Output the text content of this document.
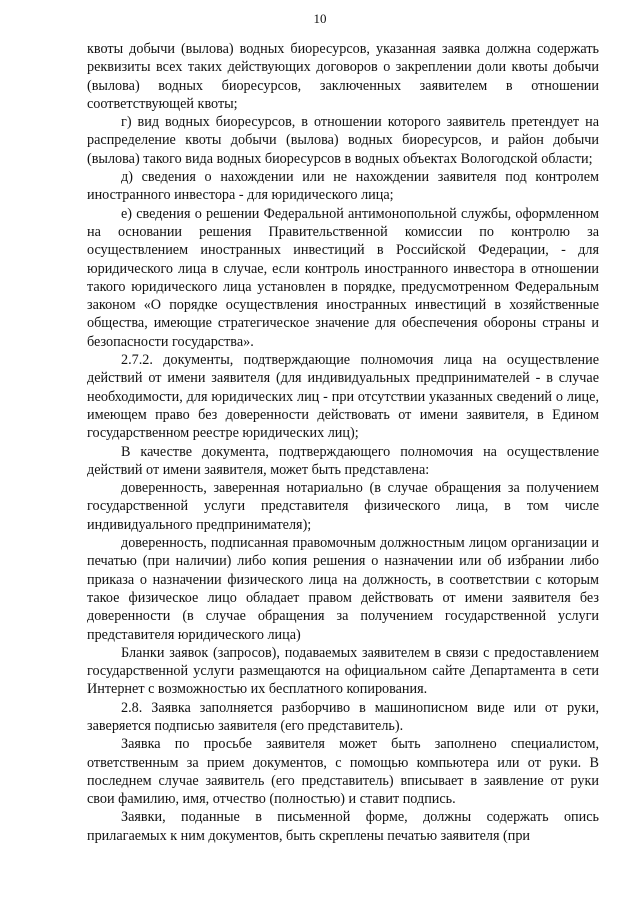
10

квоты добычи (вылова) водных биоресурсов, указанная заявка должна содержать реквизиты всех таких действующих договоров о закреплении доли квоты добычи (вылова) водных биоресурсов, заключенных заявителем в отношении соответствующей квоты;

г) вид водных биоресурсов, в отношении которого заявитель претендует на распределение квоты добычи (вылова) водных биоресурсов, и район добычи (вылова) такого вида водных биоресурсов в водных объектах Вологодской области;

д) сведения о нахождении или не нахождении заявителя под контролем иностранного инвестора - для юридического лица;

е) сведения о решении Федеральной антимонопольной службы, оформленном на основании решения Правительственной комиссии по контролю за осуществлением иностранных инвестиций в Российской Федерации, - для юридического лица в случае, если контроль иностранного инвестора в отношении такого юридического лица установлен в порядке, предусмотренном Федеральным законом «О порядке осуществления иностранных инвестиций в хозяйственные общества, имеющие стратегическое значение для обеспечения обороны страны и безопасности государства».

2.7.2. документы, подтверждающие полномочия лица на осуществление действий от имени заявителя (для индивидуальных предпринимателей - в случае необходимости, для юридических лиц - при отсутствии указанных сведений о лице, имеющем право без доверенности действовать от имени заявителя, в Едином государственном реестре юридических лиц);

В качестве документа, подтверждающего полномочия на осуществление действий от имени заявителя, может быть представлена:

доверенность, заверенная нотариально (в случае обращения за получением государственной услуги представителя физического лица, в том числе индивидуального предпринимателя);

доверенность, подписанная правомочным должностным лицом организации и печатью (при наличии) либо копия решения о назначении или об избрании либо приказа о назначении физического лица на должность, в соответствии с которым такое физическое лицо обладает правом действовать от имени заявителя без доверенности (в случае обращения за получением государственной услуги представителя юридического лица)

Бланки заявок (запросов), подаваемых заявителем в связи с предоставлением государственной услуги размещаются на официальном сайте Департамента в сети Интернет с возможностью их бесплатного копирования.

2.8. Заявка заполняется разборчиво в машинописном виде или от руки, заверяется подписью заявителя (его представитель).

Заявка по просьбе заявителя может быть заполнено специалистом, ответственным за прием документов, с помощью компьютера или от руки. В последнем случае заявитель (его представитель) вписывает в заявление от руки свои фамилию, имя, отчество (полностью) и ставит подпись.

Заявки, поданные в письменной форме, должны содержать опись прилагаемых к ним документов, быть скреплены печатью заявителя (при
